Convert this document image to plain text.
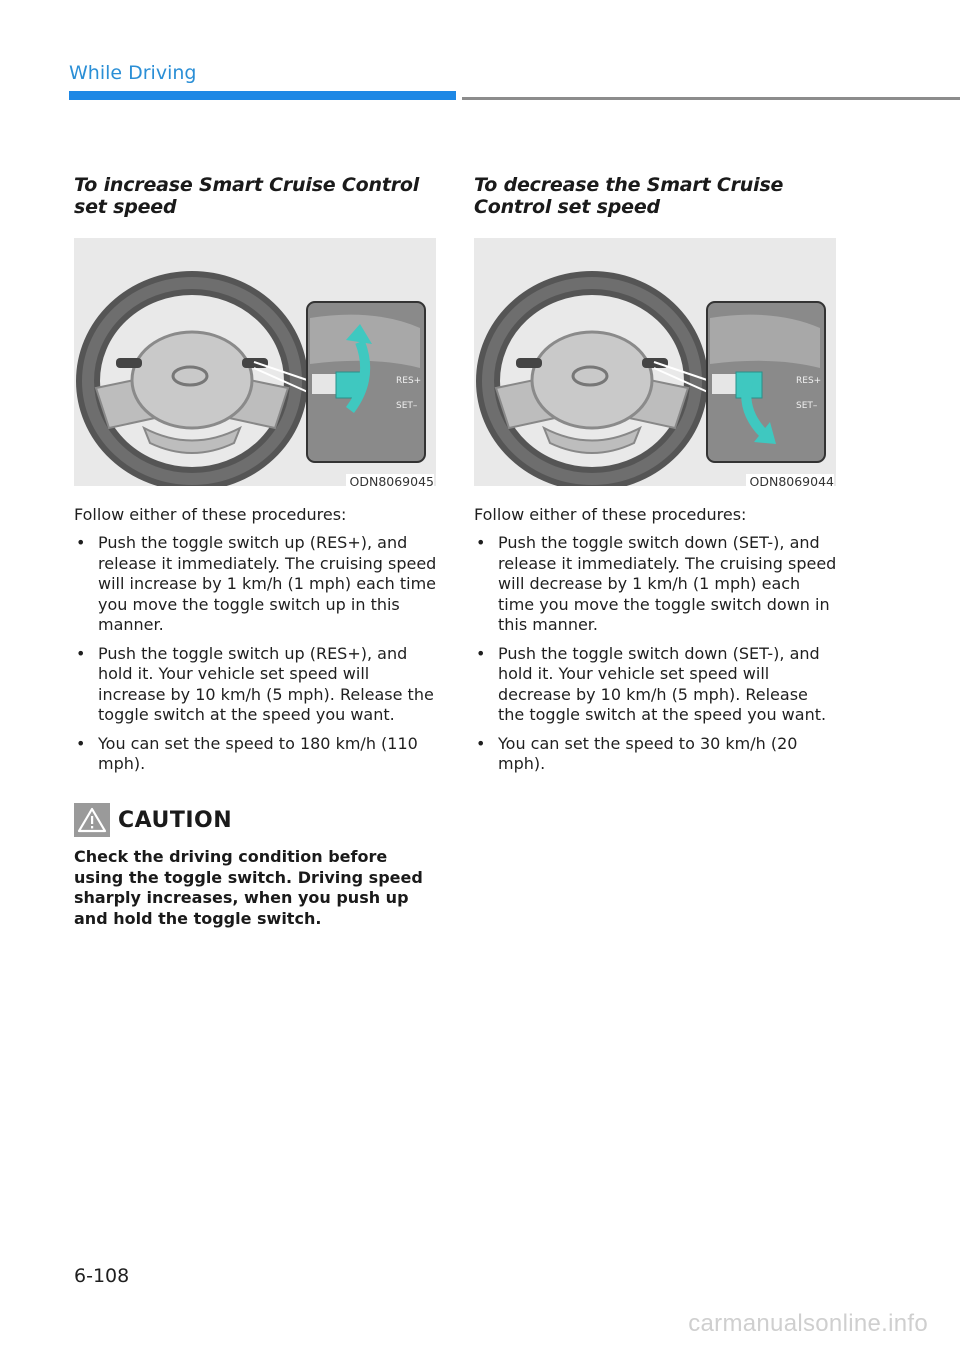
While Driving
To increase Smart Cruise Control set speed
RES+
SET–
ODN8069045

Follow either of these procedures:

• Push the toggle switch up (RES+), and release it immediately. The cruising speed will increase by 1 km/h (1 mph) each time you move the toggle switch up in this manner.
• Push the toggle switch up (RES+), and hold it. Your vehicle set speed will increase by 10 km/h (5 mph). Release the toggle switch at the speed you want.
• You can set the speed to 180 km/h (110 mph).
To decrease the Smart Cruise Control set speed
RES+
SET–
ODN8069044

Follow either of these procedures:

• Push the toggle switch down (SET-), and release it immediately. The cruising speed will decrease by 1 km/h (1 mph) each time you move the toggle switch down in this manner.
• Push the toggle switch down (SET-), and hold it. Your vehicle set speed will decrease by 10 km/h (5 mph). Release the toggle switch at the speed you want.
• You can set the speed to 30 km/h (20 mph).
CAUTION

Check the driving condition before using the toggle switch. Driving speed sharply increases, when you push up and hold the toggle switch.

6-108
carmanualsonline.info
